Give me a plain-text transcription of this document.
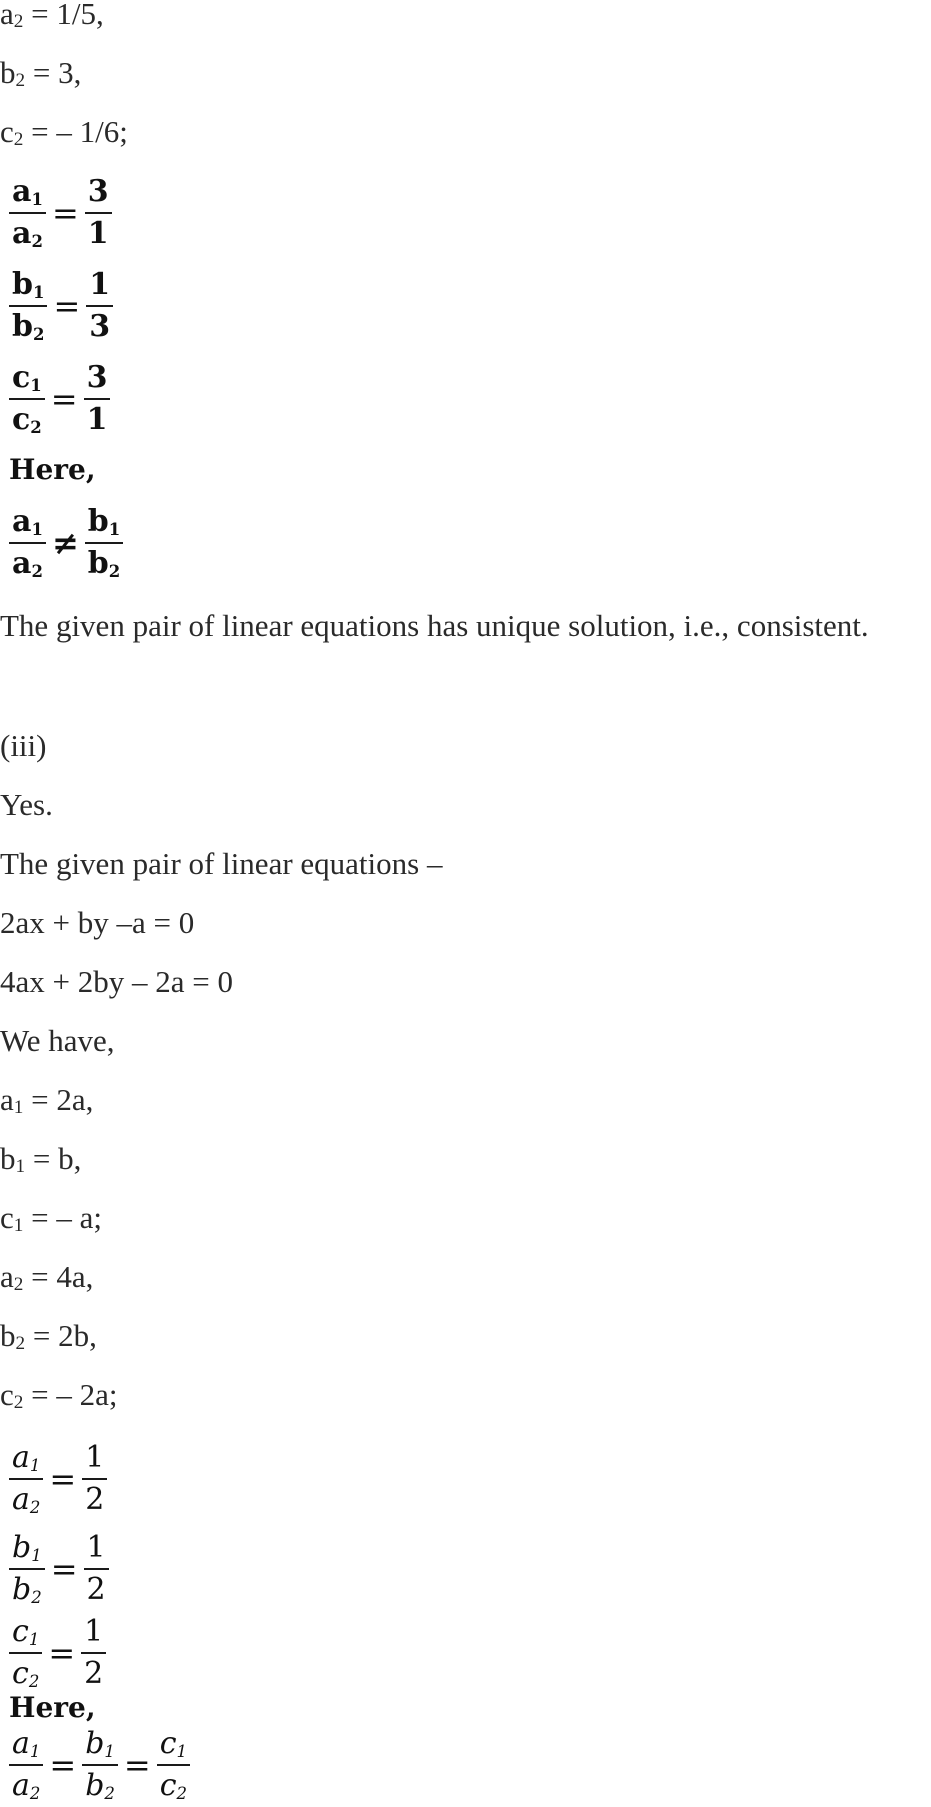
$a_2 = 1/5$,
$b_2 = 3$,
$c_2$ = – 1/6;
$\frac{a_1}{a_2} = \frac{3}{1}$
$\frac{b_1}{b_2} = \frac{1}{3}$
$\frac{c_1}{c_2} = \frac{3}{1}$
Here,
$\frac{a_1}{a_2} \ne \frac{b_1}{b_2}$
The given pair of linear equations has unique solution, i.e., consistent.
(iii)
Yes.
The given pair of linear equations –
2ax + by –a = 0
4ax + 2by – 2a = 0
We have,
$a_1 = 2a$,
$b_1 = b$,
$c_1$ = – a;
$a_2 = 4a$,
$b_2 = 2b$,
$c_2$ = – 2a;
$\frac{a_1}{a_2} = \frac{1}{2}$
$\frac{b_1}{b_2} = \frac{1}{2}$
$\frac{c_1}{c_2} = \frac{1}{2}$
Here,
$\frac{a_1}{a_2} = \frac{b_1}{b_2} = \frac{c_1}{c_2}$
